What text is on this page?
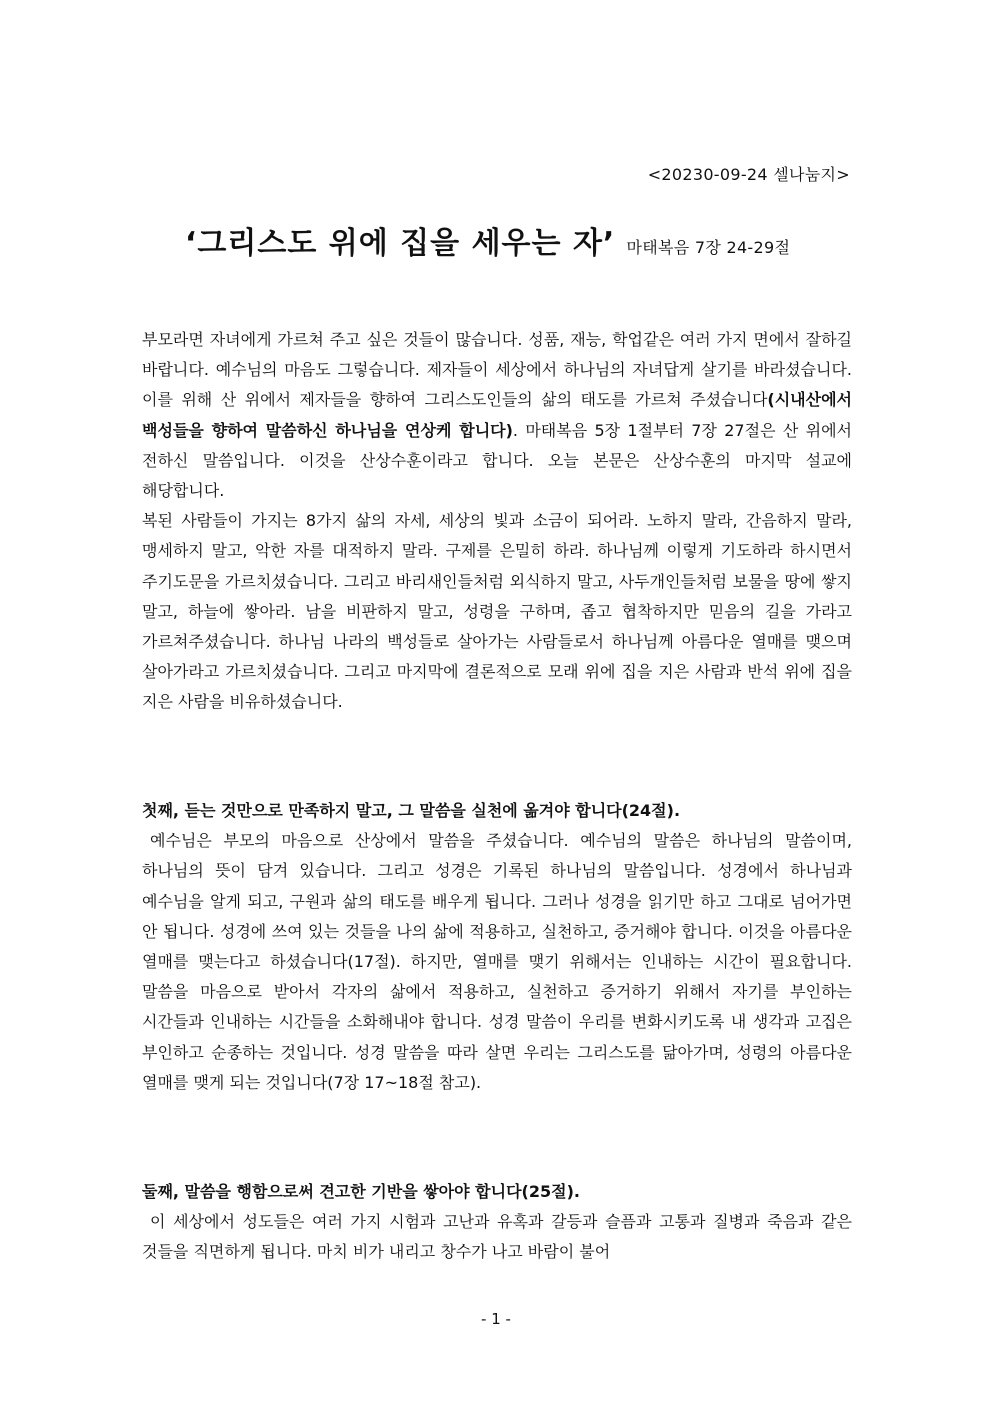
<20230-09-24 셀나눔지>
‘그리스도 위에 집을 세우는 자’ 마태복음 7장 24-29절

부모라면 자녀에게 가르쳐 주고 싶은 것들이 많습니다. 성품, 재능, 학업같은 여러 가지 면에서 잘하길 바랍니다. 예수님의 마음도 그렇습니다. 제자들이 세상에서 하나님의 자녀답게 살기를 바라셨습니다. 이를 위해 산 위에서 제자들을 향하여 그리스도인들의 삶의 태도를 가르쳐 주셨습니다(시내산에서 백성들을 향하여 말씀하신 하나님을 연상케 합니다). 마태복음 5장 1절부터 7장 27절은 산 위에서 전하신 말씀입니다. 이것을 산상수훈이라고 합니다. 오늘 본문은 산상수훈의 마지막 설교에 해당합니다.

복된 사람들이 가지는 8가지 삶의 자세, 세상의 빛과 소금이 되어라. 노하지 말라, 간음하지 말라, 맹세하지 말고, 악한 자를 대적하지 말라. 구제를 은밀히 하라. 하나님께 이렇게 기도하라 하시면서 주기도문을 가르치셨습니다. 그리고 바리새인들처럼 외식하지 말고, 사두개인들처럼 보물을 땅에 쌓지 말고, 하늘에 쌓아라. 남을 비판하지 말고, 성령을 구하며, 좁고 협착하지만 믿음의 길을 가라고 가르쳐주셨습니다. 하나님 나라의 백성들로 살아가는 사람들로서 하나님께 아름다운 열매를 맺으며 살아가라고 가르치셨습니다. 그리고 마지막에 결론적으로 모래 위에 집을 지은 사람과 반석 위에 집을 지은 사람을 비유하셨습니다.

첫째, 듣는 것만으로 만족하지 말고, 그 말씀을 실천에 옮겨야 합니다(24절).

예수님은 부모의 마음으로 산상에서 말씀을 주셨습니다. 예수님의 말씀은 하나님의 말씀이며, 하나님의 뜻이 담겨 있습니다. 그리고 성경은 기록된 하나님의 말씀입니다. 성경에서 하나님과 예수님을 알게 되고, 구원과 삶의 태도를 배우게 됩니다. 그러나 성경을 읽기만 하고 그대로 넘어가면 안 됩니다. 성경에 쓰여 있는 것들을 나의 삶에 적용하고, 실천하고, 증거해야 합니다. 이것을 아름다운 열매를 맺는다고 하셨습니다(17절). 하지만, 열매를 맺기 위해서는 인내하는 시간이 필요합니다. 말씀을 마음으로 받아서 각자의 삶에서 적용하고, 실천하고 증거하기 위해서 자기를 부인하는 시간들과 인내하는 시간들을 소화해내야 합니다. 성경 말씀이 우리를 변화시키도록 내 생각과 고집은 부인하고 순종하는 것입니다. 성경 말씀을 따라 살면 우리는 그리스도를 닮아가며, 성령의 아름다운 열매를 맺게 되는 것입니다(7장 17~18절 참고).

둘째, 말씀을 행함으로써 견고한 기반을 쌓아야 합니다(25절).

이 세상에서 성도들은 여러 가지 시험과 고난과 유혹과 갈등과 슬픔과 고통과 질병과 죽음과 같은 것들을 직면하게 됩니다. 마치 비가 내리고 창수가 나고 바람이 불어

- 1 -
